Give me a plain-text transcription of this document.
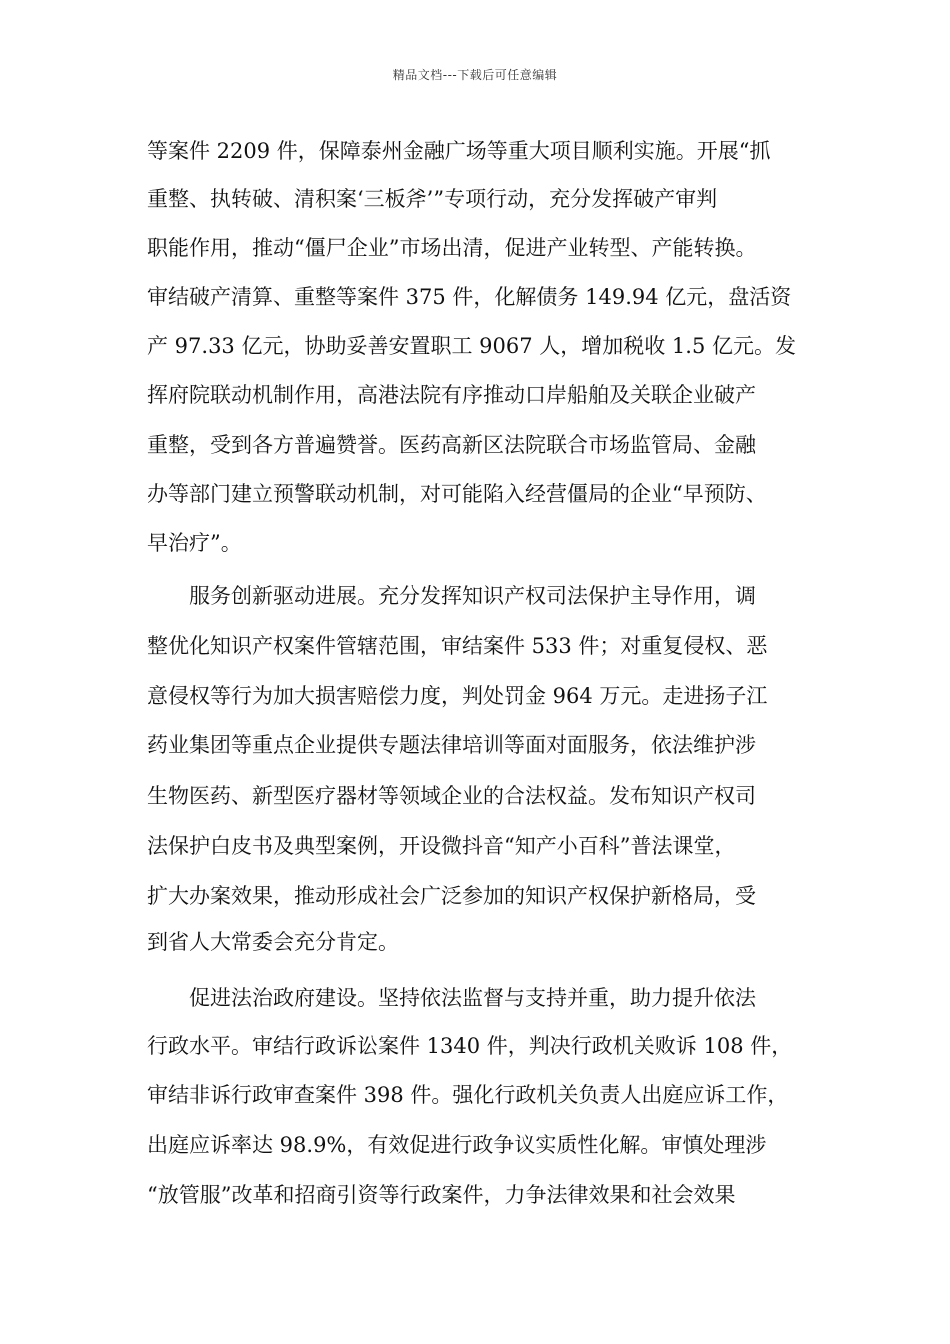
精品文档---下载后可任意编辑
等案件 2209 件，保障泰州金融广场等重大项目顺利实施。开展“抓
重整、执转破、清积案‘三板斧’”专项行动，充分发挥破产审判
职能作用，推动“僵尸企业”市场出清，促进产业转型、产能转换。
审结破产清算、重整等案件 375 件，化解债务 149.94 亿元，盘活资
产 97.33 亿元，协助妥善安置职工 9067 人，增加税收 1.5 亿元。发
挥府院联动机制作用，高港法院有序推动口岸船舶及关联企业破产
重整，受到各方普遍赞誉。医药高新区法院联合市场监管局、金融
办等部门建立预警联动机制，对可能陷入经营僵局的企业“早预防、
早治疗”。
服务创新驱动进展。充分发挥知识产权司法保护主导作用，调
整优化知识产权案件管辖范围，审结案件 533 件；对重复侵权、恶
意侵权等行为加大损害赔偿力度，判处罚金 964 万元。走进扬子江
药业集团等重点企业提供专题法律培训等面对面服务，依法维护涉
生物医药、新型医疗器材等领域企业的合法权益。发布知识产权司
法保护白皮书及典型案例，开设微抖音“知产小百科”普法课堂，
扩大办案效果，推动形成社会广泛参加的知识产权保护新格局，受
到省人大常委会充分肯定。
促进法治政府建设。坚持依法监督与支持并重，助力提升依法
行政水平。审结行政诉讼案件 1340 件，判决行政机关败诉 108 件，
审结非诉行政审查案件 398 件。强化行政机关负责人出庭应诉工作，
出庭应诉率达 98.9%，有效促进行政争议实质性化解。审慎处理涉
“放管服”改革和招商引资等行政案件，力争法律效果和社会效果
